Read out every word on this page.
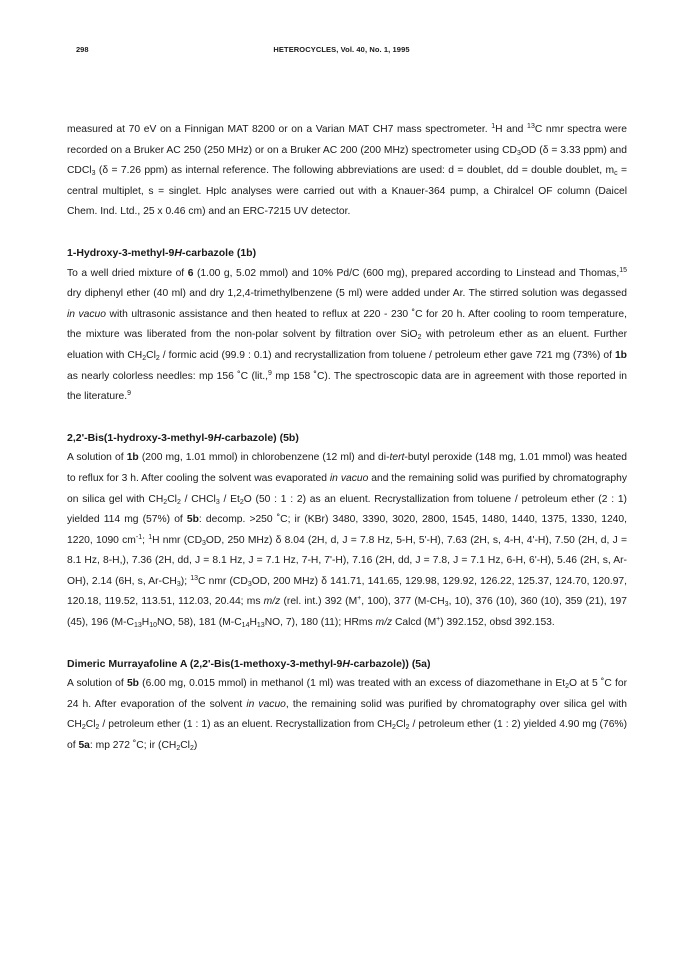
298	HETEROCYCLES, Vol. 40, No. 1, 1995

measured at 70 eV on a Finnigan MAT 8200 or on a Varian MAT CH7 mass spectrometer. $^1$H and $^{13}$C nmr spectra were recorded on a Bruker AC 250 (250 MHz) or on a Bruker AC 200 (200 MHz) spectrometer using $CD_3OD$ (δ = 3.33 ppm) and CDCl$_3$ (δ = 7.26 ppm) as internal reference. The following abbreviations are used: d = doublet, dd = double doublet, $m_c$ = central multiplet, s = singlet. Hplc analyses were carried out with a Knauer-364 pump, a Chiralcel OF column (Daicel Chem. Ind. Ltd., 25 x 0.46 cm) and an ERC-7215 UV detector.

1-Hydroxy-3-methyl-9H-carbazole (1b)

To a well dried mixture of 6 (1.00 g, 5.02 mmol) and 10% Pd/C (600 mg), prepared according to Linstead and Thomas,$^{15}$ dry diphenyl ether (40 ml) and dry 1,2,4-trimethylbenzene (5 ml) were added under Ar. The stirred solution was degassed in vacuo with ultrasonic assistance and then heated to reflux at 220 - 230 ˚C for 20 h. After cooling to room temperature, the mixture was liberated from the non-polar solvent by filtration over SiO$_2$ with petroleum ether as an eluent. Further eluation with $CH_2Cl_2$ / formic acid (99.9 : 0.1) and recrystallization from toluene / petroleum ether gave 721 mg (73%) of 1b as nearly colorless needles: mp 156 ˚C (lit.,$^9$ mp 158 ˚C). The spectroscopic data are in agreement with those reported in the literature.$^9$

2,2'-Bis(1-hydroxy-3-methyl-9H-carbazole) (5b)

A solution of 1b (200 mg, 1.01 mmol) in chlorobenzene (12 ml) and di-tert-butyl peroxide (148 mg, 1.01 mmol) was heated to reflux for 3 h. After cooling the solvent was evaporated in vacuo and the remaining solid was purified by chromatography on silica gel with $CH_2Cl_2$ / CHCl$_3$ / $Et_2O$ (50 : 1 : 2) as an eluent. Recrystallization from toluene / petroleum ether (2 : 1) yielded 114 mg (57%) of 5b: decomp. >250 ˚C; ir (KBr) 3480, 3390, 3020, 2800, 1545, 1480, 1440, 1375, 1330, 1240, 1220, 1090 $cm^{-1}$; $^1$H nmr ($CD_3OD$, 250 MHz) δ 8.04 (2H, d, J = 7.8 Hz, 5-H, 5'-H), 7.63 (2H, s, 4-H, 4'-H), 7.50 (2H, d, J = 8.1 Hz, 8-H,), 7.36 (2H, dd, J = 8.1 Hz, J = 7.1 Hz, 7-H, 7'-H), 7.16 (2H, dd, J = 7.8, J = 7.1 Hz, 6-H, 6'-H), 5.46 (2H, s, Ar-OH), 2.14 (6H, s, $Ar-CH_3$); $^{13}$C nmr ($CD_3OD$, 200 MHz) δ 141.71, 141.65, 129.98, 129.92, 126.22, 125.37, 124.70, 120.97, 120.18, 119.52, 113.51, 112.03, 20.44; ms m/z (rel. int.) 392 (M+, 100), 377 ($M-CH_3$, 10), 376 (10), 360 (10), 359 (21), 197 (45), 196 ($M-C_{13}H_{10}NO$, 58), 181 ($M-C_{14}H_{13}NO$, 7), 180 (11); HRms m/z Calcd (M+) 392.152, obsd 392.153.

Dimeric Murrayafoline A (2,2'-Bis(1-methoxy-3-methyl-9H-carbazole)) (5a)

A solution of 5b (6.00 mg, 0.015 mmol) in methanol (1 ml) was treated with an excess of diazomethane in $Et_2O$ at 5 ˚C for 24 h. After evaporation of the solvent in vacuo, the remaining solid was purified by chromatography over silica gel with $CH_2Cl_2$ / petroleum ether (1 : 1) as an eluent. Recrystallization from $CH_2Cl_2$ / petroleum ether (1 : 2) yielded 4.90 mg (76%) of 5a: mp 272 ˚C; ir $(CH_2Cl_2)$
